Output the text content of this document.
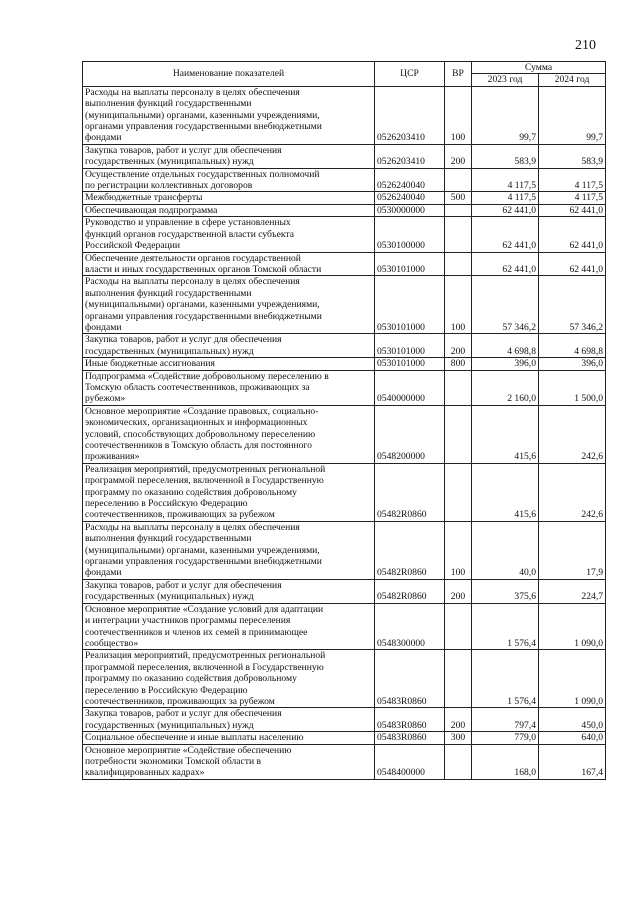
210
Наименование показателей	ЦСР	ВР	Сумма	
			2023 год	2024 год
Расходы на выплаты персоналу в целях обеспечения
выполнения функций государственными
(муниципальными) органами, казенными учреждениями,
органами управления государственными внебюджетными
фондами	0526203410	100	99,7	99,7
Закупка товаров, работ и услуг для обеспечения
государственных (муниципальных) нужд	0526203410	200	583,9	583,9
Осуществление отдельных государственных полномочий
по регистрации коллективных договоров	0526240040		4 117,5	4 117,5
Межбюджетные трансферты	0526240040	500	4 117,5	4 117,5
Обеспечивающая подпрограмма	0530000000		62 441,0	62 441,0
Руководство и управление в сфере установленных
функций органов государственной власти субъекта
Российской Федерации	0530100000		62 441,0	62 441,0
Обеспечение деятельности органов государственной
власти и иных государственных органов Томской области	0530101000		62 441,0	62 441,0
Расходы на выплаты персоналу в целях обеспечения
выполнения функций государственными
(муниципальными) органами, казенными учреждениями,
органами управления государственными внебюджетными
фондами	0530101000	100	57 346,2	57 346,2
Закупка товаров, работ и услуг для обеспечения
государственных (муниципальных) нужд	0530101000	200	4 698,8	4 698,8
Иные бюджетные ассигнования	0530101000	800	396,0	396,0
Подпрограмма «Содействие добровольному переселению в
Томскую область соотечественников, проживающих за
рубежом»	0540000000		2 160,0	1 500,0
Основное мероприятие «Создание правовых, социально-
экономических, организационных и информационных
условий, способствующих добровольному переселению
соотечественников в Томскую область для постоянного
проживания»	0548200000		415,6	242,6
Реализация мероприятий, предусмотренных региональной
программой переселения, включенной в Государственную
программу по оказанию содействия добровольному
переселению в Российскую Федерацию
соотечественников, проживающих за рубежом	05482R0860		415,6	242,6
Расходы на выплаты персоналу в целях обеспечения
выполнения функций государственными
(муниципальными) органами, казенными учреждениями,
органами управления государственными внебюджетными
фондами	05482R0860	100	40,0	17,9
Закупка товаров, работ и услуг для обеспечения
государственных (муниципальных) нужд	05482R0860	200	375,6	224,7
Основное мероприятие «Создание условий для адаптации
и интеграции участников программы переселения
соотечественников и членов их семей в принимающее
сообщество»	0548300000		1 576,4	1 090,0
Реализация мероприятий, предусмотренных региональной
программой переселения, включенной в Государственную
программу по оказанию содействия добровольному
переселению в Российскую Федерацию
соотечественников, проживающих за рубежом	05483R0860		1 576,4	1 090,0
Закупка товаров, работ и услуг для обеспечения
государственных (муниципальных) нужд	05483R0860	200	797,4	450,0
Социальное обеспечение и иные выплаты населению	05483R0860	300	779,0	640,0
Основное мероприятие «Содействие обеспечению
потребности экономики Томской области в
квалифицированных кадрах»	0548400000		168,0	167,4
